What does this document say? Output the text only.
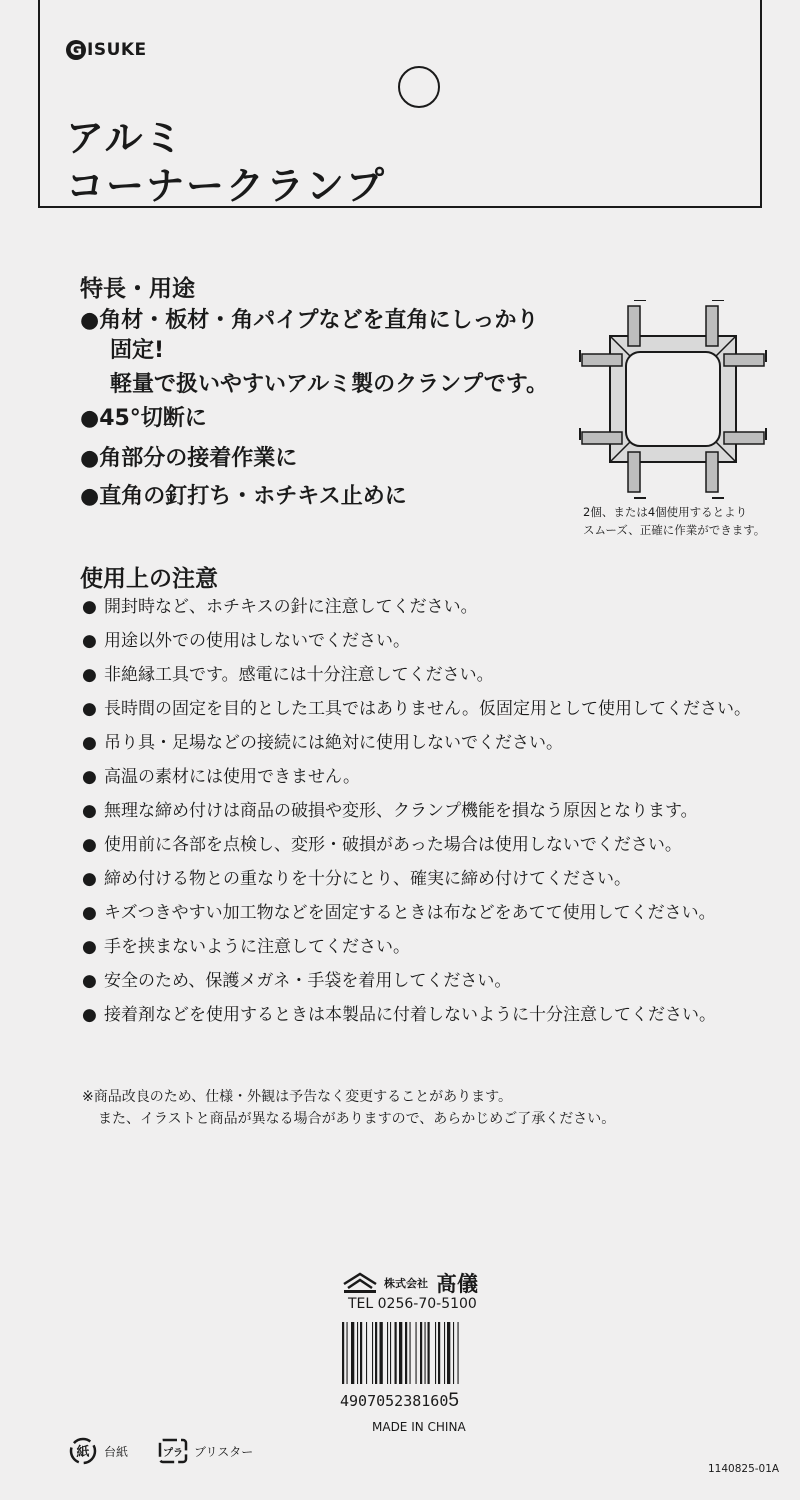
G ISUKE
アルミ
コーナークランプ
特長・用途
●角材・板材・角パイプなどを直角にしっかり
固定!
軽量で扱いやすいアルミ製のクランプです。
●45°切断に
●角部分の接着作業に
●直角の釘打ち・ホチキス止めに
2個、または4個使用するとより
スムーズ、正確に作業ができます。
使用上の注意
● 開封時など、ホチキスの針に注意してください。
● 用途以外での使用はしないでください。
● 非絶縁工具です。感電には十分注意してください。
● 長時間の固定を目的とした工具ではありません。仮固定用として使用してください。
● 吊り具・足場などの接続には絶対に使用しないでください。
● 高温の素材には使用できません。
● 無理な締め付けは商品の破損や変形、クランプ機能を損なう原因となります。
● 使用前に各部を点検し、変形・破損があった場合は使用しないでください。
● 締め付ける物との重なりを十分にとり、確実に締め付けてください。
● キズつきやすい加工物などを固定するときは布などをあてて使用してください。
● 手を挟まないように注意してください。
● 安全のため、保護メガネ・手袋を着用してください。
● 接着剤などを使用するときは本製品に付着しないように十分注意してください。
※商品改良のため、仕様・外観は予告なく変更することがあります。
また、イラストと商品が異なる場合がありますので、あらかじめご了承ください。
株式会社 髙儀
TEL 0256-70-5100
4907052381605
MADE IN CHINA
紙 台紙	プラ ブリスター
1140825-01A
